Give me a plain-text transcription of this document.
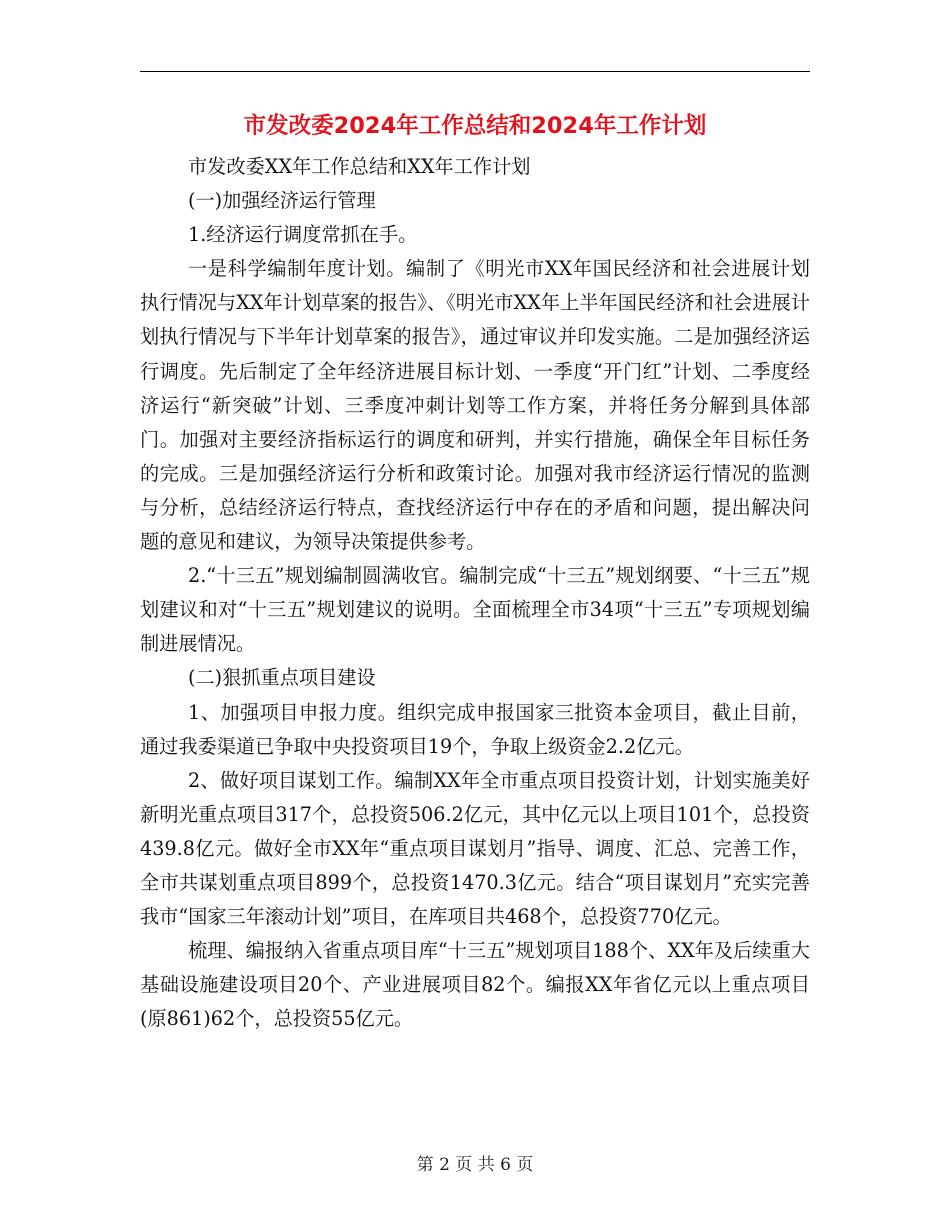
市发改委2024年工作总结和2024年工作计划

市发改委XX年工作总结和XX年工作计划

(一)加强经济运行管理

1.经济运行调度常抓在手。

一是科学编制年度计划。编制了《明光市XX年国民经济和社会进展计划执行情况与XX年计划草案的报告》、《明光市XX年上半年国民经济和社会进展计划执行情况与下半年计划草案的报告》，通过审议并印发实施。二是加强经济运行调度。先后制定了全年经济进展目标计划、一季度“开门红”计划、二季度经济运行“新突破”计划、三季度冲刺计划等工作方案，并将任务分解到具体部门。加强对主要经济指标运行的调度和研判，并实行措施，确保全年目标任务的完成。三是加强经济运行分析和政策讨论。加强对我市经济运行情况的监测与分析，总结经济运行特点，查找经济运行中存在的矛盾和问题，提出解决问题的意见和建议，为领导决策提供参考。

2.“十三五”规划编制圆满收官。编制完成“十三五”规划纲要、“十三五”规划建议和对“十三五”规划建议的说明。全面梳理全市34项“十三五”专项规划编制进展情况。

(二)狠抓重点项目建设

1、加强项目申报力度。组织完成申报国家三批资本金项目，截止目前，通过我委渠道已争取中央投资项目19个，争取上级资金2.2亿元。

2、做好项目谋划工作。编制XX年全市重点项目投资计划，计划实施美好新明光重点项目317个，总投资506.2亿元，其中亿元以上项目101个，总投资439.8亿元。做好全市XX年“重点项目谋划月”指导、调度、汇总、完善工作，全市共谋划重点项目899个，总投资1470.3亿元。结合“项目谋划月”充实完善我市“国家三年滚动计划”项目，在库项目共468个，总投资770亿元。

梳理、编报纳入省重点项目库“十三五”规划项目188个、XX年及后续重大基础设施建设项目20个、产业进展项目82个。编报XX年省亿元以上重点项目(原861)62个，总投资55亿元。

第 2 页 共 6 页
